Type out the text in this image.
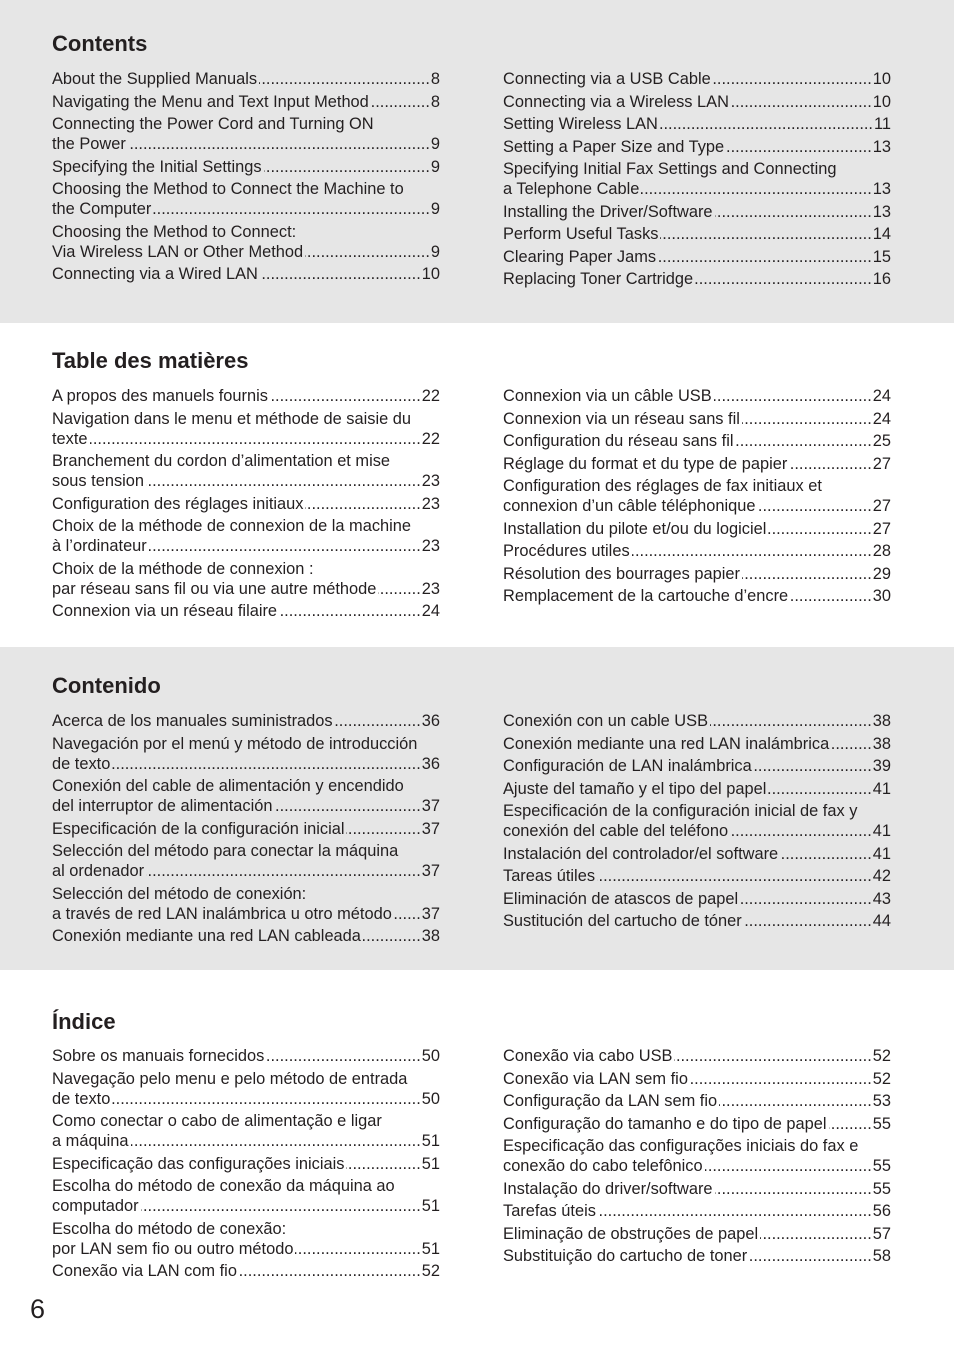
Contents
About the Supplied Manuals .....	8
Navigating the Menu and Text Input Method .....	8
Connecting the Power Cord and Turning ON
the Power .....	9
Specifying the Initial Settings .....	9
Choosing the Method to Connect the Machine to
the Computer .....	9
Choosing the Method to Connect:
Via Wireless LAN or Other Method .....	9
Connecting via a Wired LAN .....	10
Connecting via a USB Cable .....	10
Connecting via a Wireless LAN .....	10
Setting Wireless LAN .....	11
Setting a Paper Size and Type .....	13
Specifying Initial Fax Settings and Connecting
a Telephone Cable .....	13
Installing the Driver/Software .....	13
Perform Useful Tasks .....	14
Clearing Paper Jams .....	15
Replacing Toner Cartridge .....	16
Table des matières
A propos des manuels fournis .....	22
Navigation dans le menu et méthode de saisie du
texte .....	22
Branchement du cordon d’alimentation et mise
sous tension .....	23
Configuration des réglages initiaux .....	23
Choix de la méthode de connexion de la machine
à l’ordinateur .....	23
Choix de la méthode de connexion :
par réseau sans fil ou via une autre méthode .....	23
Connexion via un réseau filaire .....	24
Connexion via un câble USB .....	24
Connexion via un réseau sans fil .....	24
Configuration du réseau sans fil .....	25
Réglage du format et du type de papier .....	27
Configuration des réglages de fax initiaux et
connexion d’un câble téléphonique .....	27
Installation du pilote et/ou du logiciel .....	27
Procédures utiles .....	28
Résolution des bourrages papier .....	29
Remplacement de la cartouche d’encre .....	30
Contenido
Acerca de los manuales suministrados .....	36
Navegación por el menú y método de introducción
de texto .....	36
Conexión del cable de alimentación y encendido
del interruptor de alimentación .....	37
Especificación de la configuración inicial .....	37
Selección del método para conectar la máquina
al ordenador .....	37
Selección del método de conexión:
a través de red LAN inalámbrica u otro método ..... 37
Conexión mediante una red LAN cableada .....	38
Conexión con un cable USB .....	38
Conexión mediante una red LAN inalámbrica .....	38
Configuración de LAN inalámbrica .....	39
Ajuste del tamaño y el tipo del papel .....	41
Especificación de la configuración inicial de fax y
conexión del cable del teléfono .....	41
Instalación del controlador/el software .....	41
Tareas útiles .....	42
Eliminación de atascos de papel .....	43
Sustitución del cartucho de tóner .....	44
Índice
Sobre os manuais fornecidos .....	50
Navegação pelo menu e pelo método de entrada
de texto .....	50
Como conectar o cabo de alimentação e ligar
a máquina .....	51
Especificação das configurações iniciais .....	51
Escolha do método de conexão da máquina ao
computador .....	51
Escolha do método de conexão:
por LAN sem fio ou outro método .....	51
Conexão via LAN com fio .....	52
Conexão via cabo USB .....	52
Conexão via LAN sem fio .....	52
Configuração da LAN sem fio .....	53
Configuração do tamanho e do tipo de papel .....	55
Especificação das configurações iniciais do fax e
conexão do cabo telefônico .....	55
Instalação do driver/software .....	55
Tarefas úteis .....	56
Eliminação de obstruções de papel .....	57
Substituição do cartucho de toner .....	58
6
